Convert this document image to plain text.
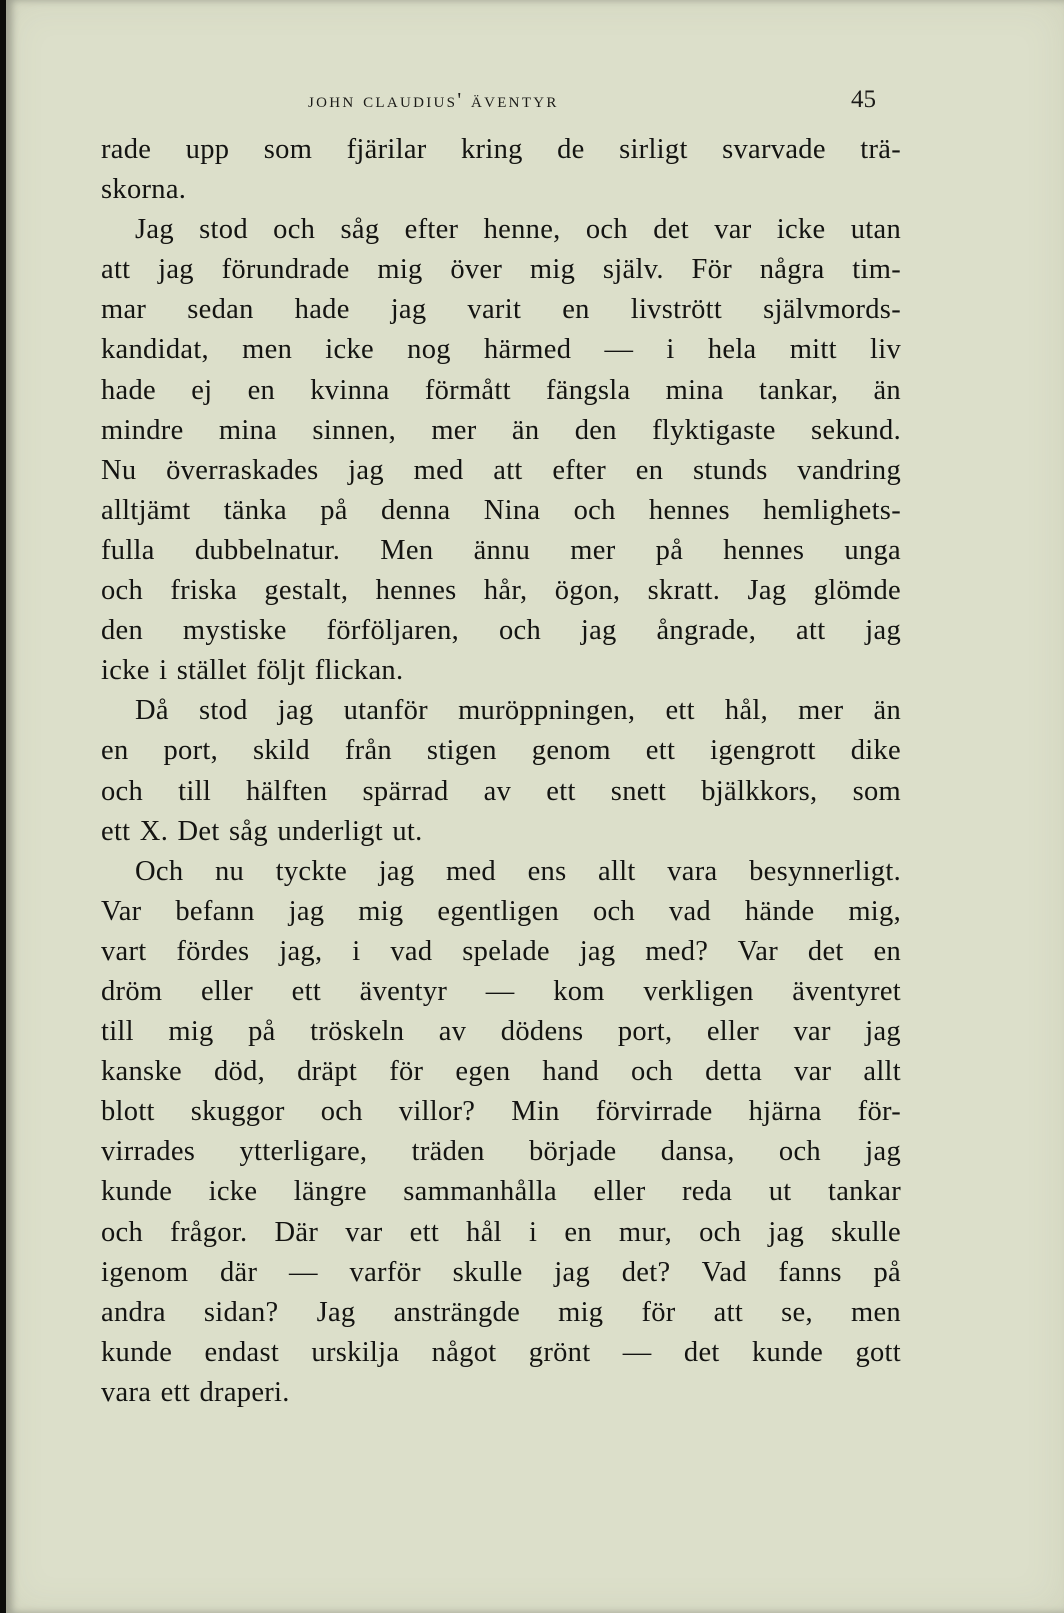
john claudius' äventyr	45
rade upp som fjärilar kring de sirligt svarvade trä-
skorna.
Jag stod och såg efter henne, och det var icke utan
att jag förundrade mig över mig själv. För några tim-
mar sedan hade jag varit en livstrött självmords-
kandidat, men icke nog härmed — i hela mitt liv
hade ej en kvinna förmått fängsla mina tankar, än
mindre mina sinnen, mer än den flyktigaste sekund.
Nu överraskades jag med att efter en stunds vandring
alltjämt tänka på denna Nina och hennes hemlighets-
fulla dubbelnatur. Men ännu mer på hennes unga
och friska gestalt, hennes hår, ögon, skratt. Jag glömde
den mystiske förföljaren, och jag ångrade, att jag
icke i stället följt flickan.
Då stod jag utanför muröppningen, ett hål, mer än
en port, skild från stigen genom ett igengrott dike
och till hälften spärrad av ett snett bjälkkors, som
ett X. Det såg underligt ut.
Och nu tyckte jag med ens allt vara besynnerligt.
Var befann jag mig egentligen och vad hände mig,
vart fördes jag, i vad spelade jag med? Var det en
dröm eller ett äventyr — kom verkligen äventyret
till mig på tröskeln av dödens port, eller var jag
kanske död, dräpt för egen hand och detta var allt
blott skuggor och villor? Min förvirrade hjärna för-
virrades ytterligare, träden började dansa, och jag
kunde icke längre sammanhålla eller reda ut tankar
och frågor. Där var ett hål i en mur, och jag skulle
igenom där — varför skulle jag det? Vad fanns på
andra sidan? Jag ansträngde mig för att se, men
kunde endast urskilja något grönt — det kunde gott
vara ett draperi.
